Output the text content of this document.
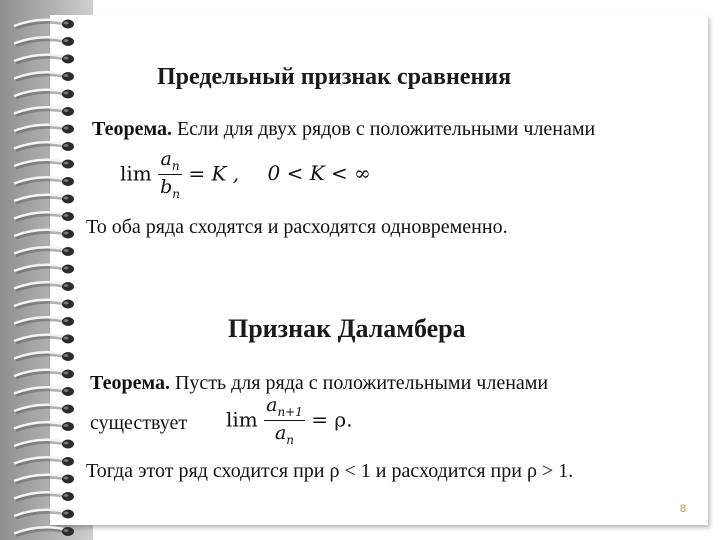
Предельный признак сравнения
Теорема. Если для двух рядов с положительными членами
$\lim \frac{a_n}{b_n} = K$ , 0 < K < ∞
То оба ряда сходятся и расходятся одновременно.
Признак Даламбера
Теорема. Пусть для ряда с положительными членами
существует $\lim \frac{a_{n+1}}{a_n} = \rho$.
Тогда этот ряд сходится при ρ < 1 и расходится при ρ > 1.
8
